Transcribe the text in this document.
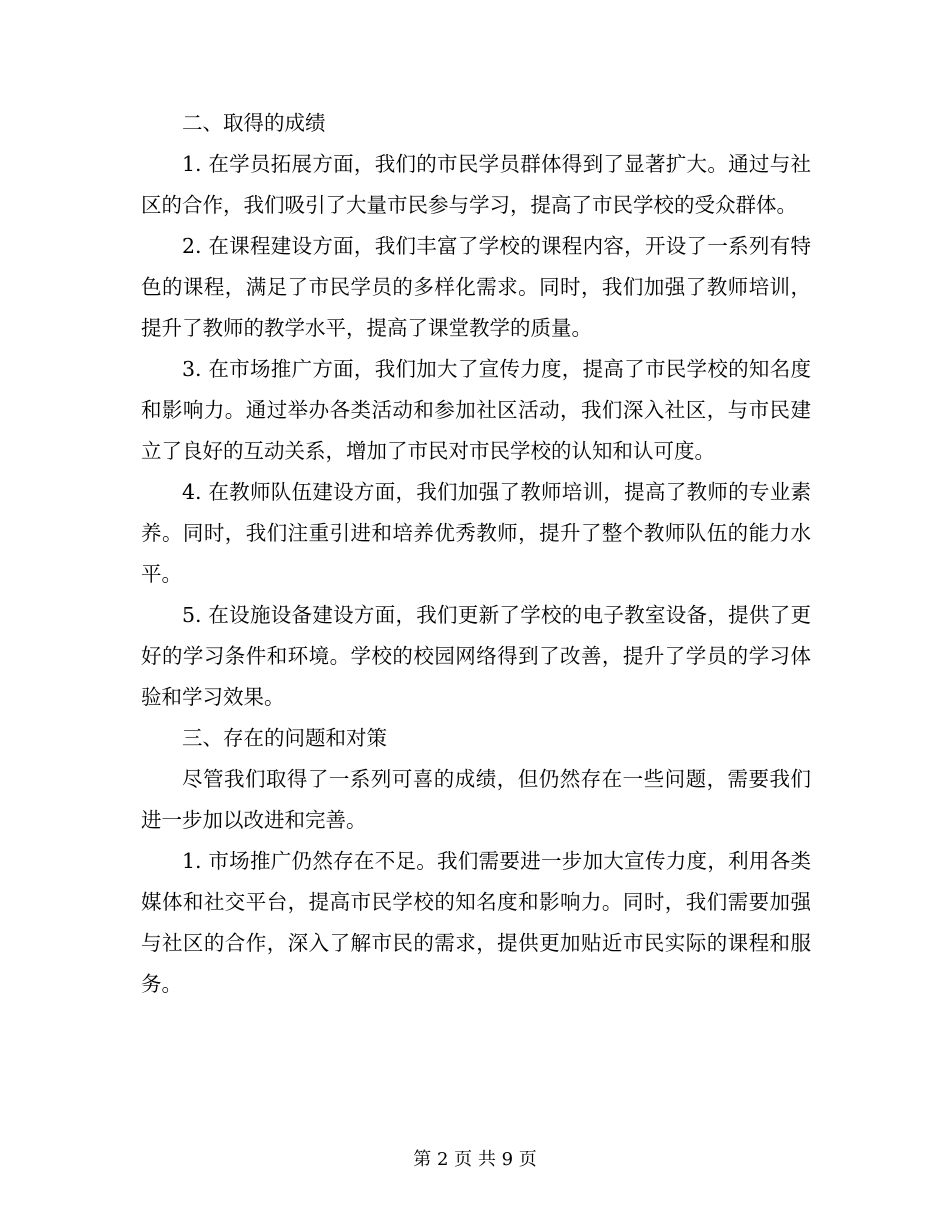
二、取得的成绩

1. 在学员拓展方面，我们的市民学员群体得到了显著扩大。通过与社区的合作，我们吸引了大量市民参与学习，提高了市民学校的受众群体。

2. 在课程建设方面，我们丰富了学校的课程内容，开设了一系列有特色的课程，满足了市民学员的多样化需求。同时，我们加强了教师培训，提升了教师的教学水平，提高了课堂教学的质量。

3. 在市场推广方面，我们加大了宣传力度，提高了市民学校的知名度和影响力。通过举办各类活动和参加社区活动，我们深入社区，与市民建立了良好的互动关系，增加了市民对市民学校的认知和认可度。

4. 在教师队伍建设方面，我们加强了教师培训，提高了教师的专业素养。同时，我们注重引进和培养优秀教师，提升了整个教师队伍的能力水平。

5. 在设施设备建设方面，我们更新了学校的电子教室设备，提供了更好的学习条件和环境。学校的校园网络得到了改善，提升了学员的学习体验和学习效果。

三、存在的问题和对策

尽管我们取得了一系列可喜的成绩，但仍然存在一些问题，需要我们进一步加以改进和完善。

1. 市场推广仍然存在不足。我们需要进一步加大宣传力度，利用各类媒体和社交平台，提高市民学校的知名度和影响力。同时，我们需要加强与社区的合作，深入了解市民的需求，提供更加贴近市民实际的课程和服务。

第 2 页 共 9 页
